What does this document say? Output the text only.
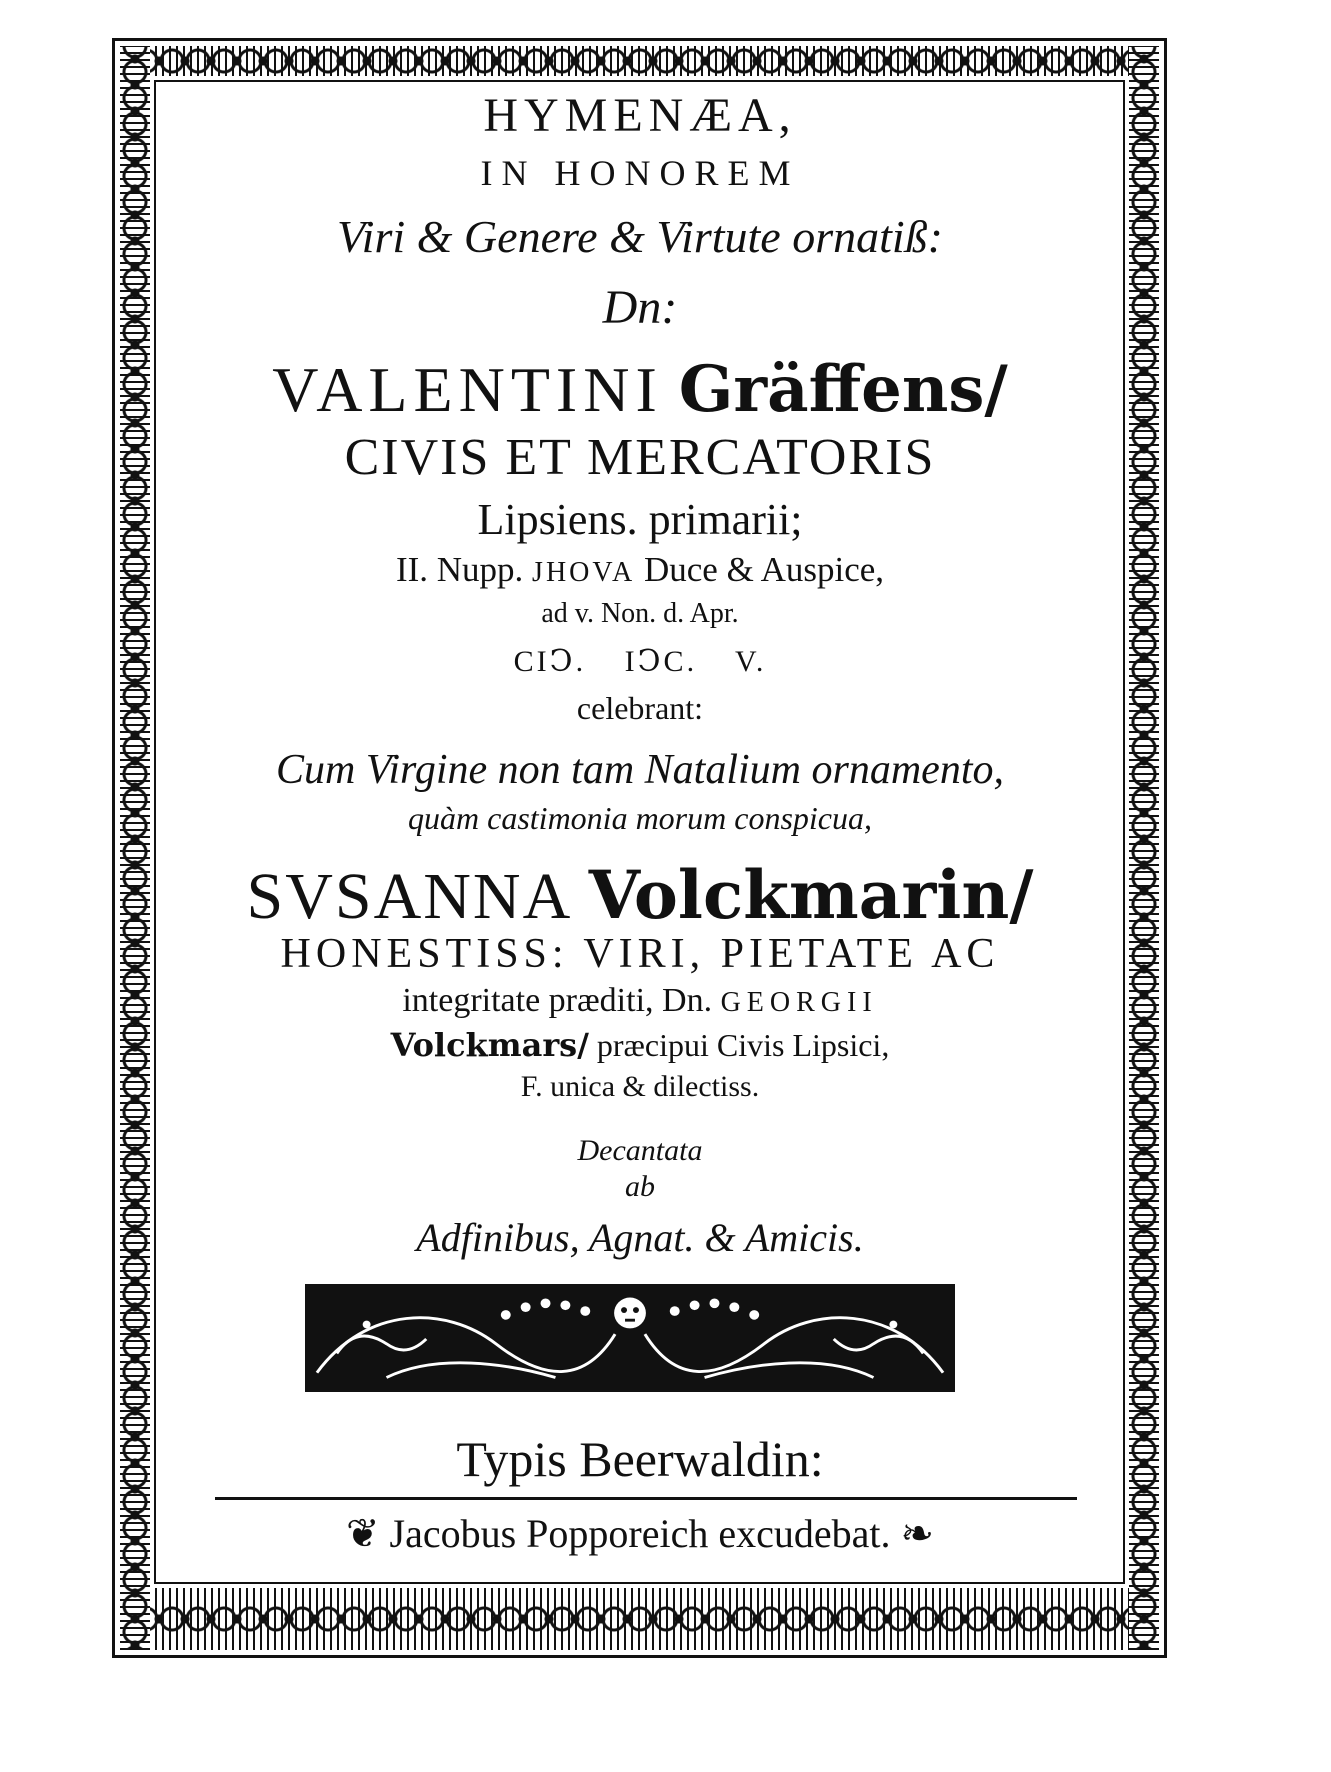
HYMENÆA,

IN HONOREM

Viri & Genere & Virtute ornatiß:

Dn:

VALENTINI Gräffens/

CIVIS ET MERCATORIS

Lipsiens. primarii;

II. Nupp. JHOVA Duce & Auspice,

ad v. Non. d. Apr.

CIↃ. IↃC. V.

celebrant:

Cum Virgine non tam Natalium ornamento,

quàm castimonia morum conspicua,

SVSANNA Volckmarin/

HONESTISS: VIRI, PIETATE AC

integritate præditi, Dn. GEORGII

Volckmars/ præcipui Civis Lipsici,

F. unica & dilectiss.

Decantata

ab

Adfinibus, Agnat. & Amicis.

Typis Beerwaldin:

❦ Jacobus Popporeich excudebat. ❧
